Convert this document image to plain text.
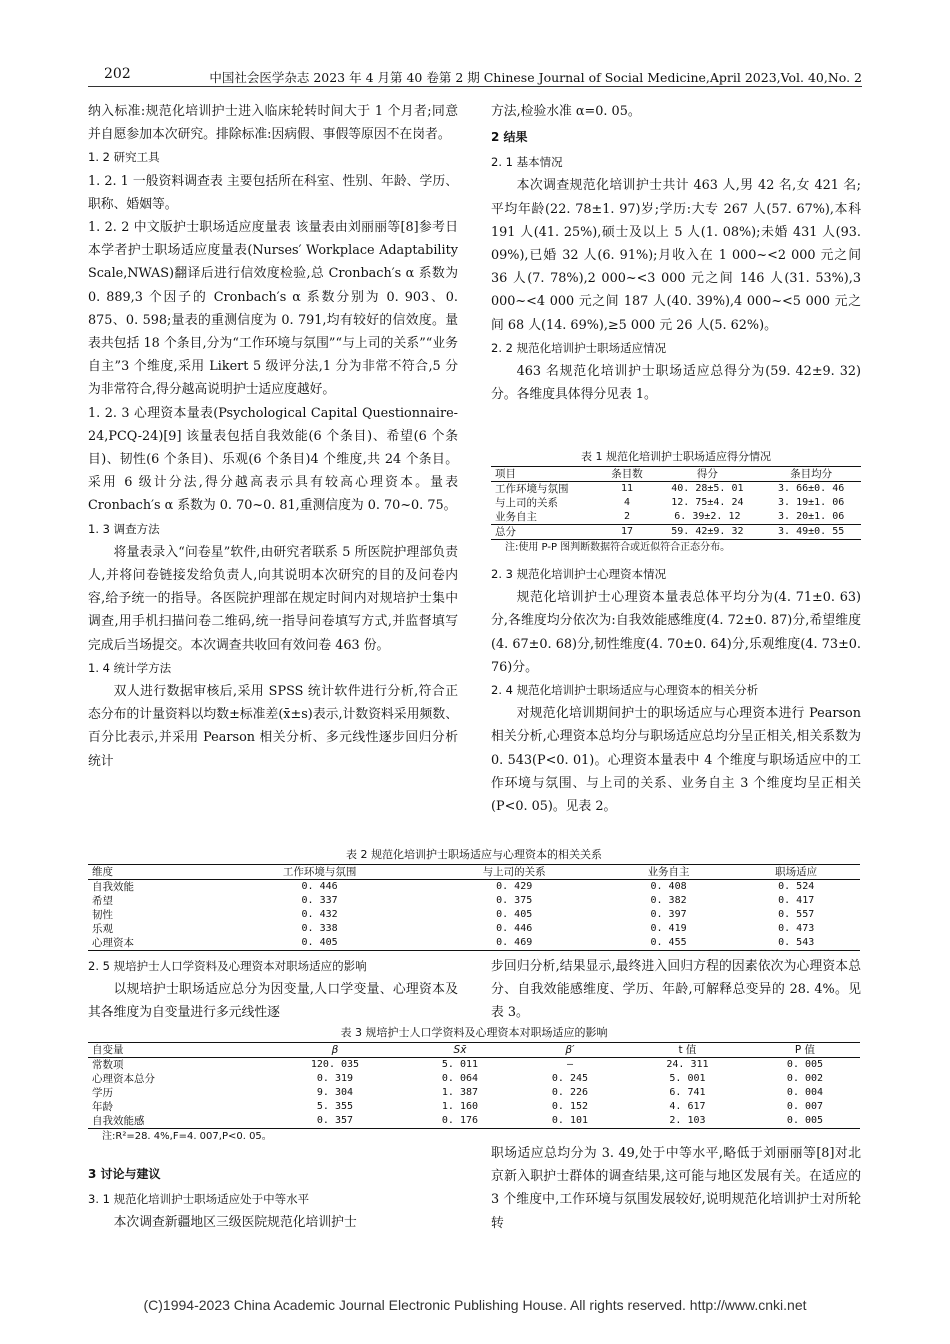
202	中国社会医学杂志 2023 年 4 月第 40 卷第 2 期 Chinese Journal of Social Medicine,April 2023,Vol. 40,No. 2

纳入标准:规范化培训护士进入临床轮转时间大于 1 个月者;同意并自愿参加本次研究。排除标准:因病假、事假等原因不在岗者。

1. 2 研究工具

1. 2. 1 一般资料调查表 主要包括所在科室、性别、年龄、学历、职称、婚姻等。

1. 2. 2 中文版护士职场适应度量表 该量表由刘丽丽等[8]参考日本学者护士职场适应度量表(Nurses′ Workplace Adaptability Scale,NWAS)翻译后进行信效度检验,总 Cronbach′s α 系数为 0. 889,3 个因子的 Cronbach′s α 系数分别为 0. 903、0. 875、0. 598;量表的重测信度为 0. 791,均有较好的信效度。量表共包括 18 个条目,分为“工作环境与氛围”“与上司的关系”“业务自主”3 个维度,采用 Likert 5 级评分法,1 分为非常不符合,5 分为非常符合,得分越高说明护士适应度越好。

1. 2. 3 心理资本量表(Psychological Capital Questionnaire-24,PCQ-24)[9] 该量表包括自我效能(6 个条目)、希望(6 个条目)、韧性(6 个条目)、乐观(6 个条目)4 个维度,共 24 个条目。采用 6 级计分法,得分越高表示具有较高心理资本。量表 Cronbach′s α 系数为 0. 70~0. 81,重测信度为 0. 70~0. 75。

1. 3 调查方法

将量表录入“问卷星”软件,由研究者联系 5 所医院护理部负责人,并将问卷链接发给负责人,向其说明本次研究的目的及问卷内容,给予统一的指导。各医院护理部在规定时间内对规培护士集中调查,用手机扫描问卷二维码,统一指导问卷填写方式,并监督填写完成后当场提交。本次调查共收回有效问卷 463 份。

1. 4 统计学方法

双人进行数据审核后,采用 SPSS 统计软件进行分析,符合正态分布的计量资料以均数±标准差(x̄±s)表示,计数资料采用频数、百分比表示,并采用 Pearson 相关分析、多元线性逐步回归分析统计

方法,检验水准 α=0. 05。

2 结果
2. 1 基本情况

本次调查规范化培训护士共计 463 人,男 42 名,女 421 名;平均年龄(22. 78±1. 97)岁;学历:大专 267 人(57. 67%),本科 191 人(41. 25%),硕士及以上 5 人(1. 08%);未婚 431 人(93. 09%),已婚 32 人(6. 91%);月收入在 1 000~<2 000 元之间 36 人(7. 78%),2 000~<3 000 元之间 146 人(31. 53%),3 000~<4 000 元之间 187 人(40. 39%),4 000~<5 000 元之间 68 人(14. 69%),≥5 000 元 26 人(5. 62%)。

2. 2 规范化培训护士职场适应情况

463 名规范化培训护士职场适应总得分为(59. 42±9. 32)分。各维度具体得分见表 1。

表 1 规范化培训护士职场适应得分情况
项目	条目数	得分	条目均分
工作环境与氛围	11	40. 28±5. 01	3. 66±0. 46
与上司的关系	4	12. 75±4. 24	3. 19±1. 06
业务自主	2	6. 39±2. 12	3. 20±1. 06
总分	17	59. 42±9. 32	3. 49±0. 55
注:使用 P-P 图判断数据符合或近似符合正态分布。
2. 3 规范化培训护士心理资本情况

规范化培训护士心理资本量表总体平均分为(4. 71±0. 63)分,各维度均分依次为:自我效能感维度(4. 72±0. 87)分,希望维度(4. 67±0. 68)分,韧性维度(4. 70±0. 64)分,乐观维度(4. 73±0. 76)分。

2. 4 规范化培训护士职场适应与心理资本的相关分析

对规范化培训期间护士的职场适应与心理资本进行 Pearson 相关分析,心理资本总均分与职场适应总均分呈正相关,相关系数为 0. 543(P<0. 01)。心理资本量表中 4 个维度与职场适应中的工作环境与氛围、与上司的关系、业务自主 3 个维度均呈正相关(P<0. 05)。见表 2。

表 2 规范化培训护士职场适应与心理资本的相关关系
维度	工作环境与氛围	与上司的关系	业务自主	职场适应
自我效能	0. 446	0. 429	0. 408	0. 524
希望	0. 337	0. 375	0. 382	0. 417
韧性	0. 432	0. 405	0. 397	0. 557
乐观	0. 338	0. 446	0. 419	0. 473
心理资本	0. 405	0. 469	0. 455	0. 543
2. 5 规培护士人口学资料及心理资本对职场适应的影响

以规培护士职场适应总分为因变量,人口学变量、心理资本及其各维度为自变量进行多元线性逐

步回归分析,结果显示,最终进入回归方程的因素依次为心理资本总分、自我效能感维度、学历、年龄,可解释总变异的 28. 4%。见表 3。

表 3 规培护士人口学资料及心理资本对职场适应的影响
自变量	β	Sx̄	β′	t 值	P 值
常数项	120. 035	5. 011	—	24. 311	0. 005
心理资本总分	0. 319	0. 064	0. 245	5. 001	0. 002
学历	9. 304	1. 387	0. 226	6. 741	0. 004
年龄	5. 355	1. 160	0. 152	4. 617	0. 007
自我效能感	0. 357	0. 176	0. 101	2. 103	0. 005
注:R²=28. 4%,F=4. 007,P<0. 05。
3 讨论与建议
3. 1 规范化培训护士职场适应处于中等水平

本次调查新疆地区三级医院规范化培训护士

职场适应总均分为 3. 49,处于中等水平,略低于刘丽丽等[8]对北京新入职护士群体的调查结果,这可能与地区发展有关。在适应的 3 个维度中,工作环境与氛围发展较好,说明规范化培训护士对所轮转

(C)1994-2023 China Academic Journal Electronic Publishing House. All rights reserved. http://www.cnki.net
